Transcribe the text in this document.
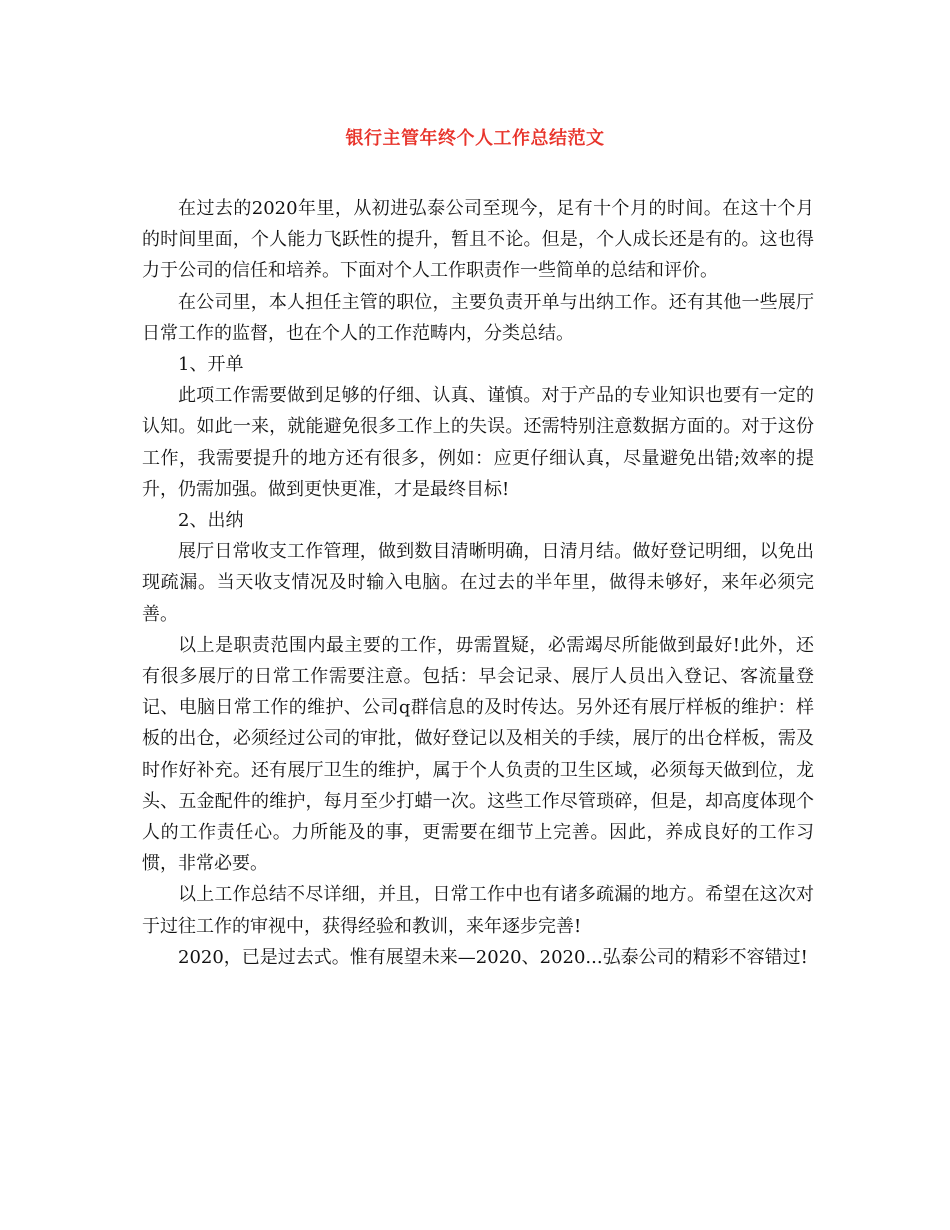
银行主管年终个人工作总结范文

在过去的2020年里，从初进弘泰公司至现今，足有十个月的时间。在这十个月的时间里面，个人能力飞跃性的提升，暂且不论。但是，个人成长还是有的。这也得力于公司的信任和培养。下面对个人工作职责作一些简单的总结和评价。

在公司里，本人担任主管的职位，主要负责开单与出纳工作。还有其他一些展厅日常工作的监督，也在个人的工作范畴内，分类总结。

1、开单

此项工作需要做到足够的仔细、认真、谨慎。对于产品的专业知识也要有一定的认知。如此一来，就能避免很多工作上的失误。还需特别注意数据方面的。对于这份工作，我需要提升的地方还有很多，例如：应更仔细认真，尽量避免出错;效率的提升，仍需加强。做到更快更准，才是最终目标!

2、出纳

展厅日常收支工作管理，做到数目清晰明确，日清月结。做好登记明细，以免出现疏漏。当天收支情况及时输入电脑。在过去的半年里，做得未够好，来年必须完善。

以上是职责范围内最主要的工作，毋需置疑，必需竭尽所能做到最好!此外，还有很多展厅的日常工作需要注意。包括：早会记录、展厅人员出入登记、客流量登记、电脑日常工作的维护、公司q群信息的及时传达。另外还有展厅样板的维护：样板的出仓，必须经过公司的审批，做好登记以及相关的手续，展厅的出仓样板，需及时作好补充。还有展厅卫生的维护，属于个人负责的卫生区域，必须每天做到位，龙头、五金配件的维护，每月至少打蜡一次。这些工作尽管琐碎，但是，却高度体现个人的工作责任心。力所能及的事，更需要在细节上完善。因此，养成良好的工作习惯，非常必要。

以上工作总结不尽详细，并且，日常工作中也有诸多疏漏的地方。希望在这次对于过往工作的审视中，获得经验和教训，来年逐步完善!

2020，已是过去式。惟有展望未来—2020、2020...弘泰公司的精彩不容错过!
